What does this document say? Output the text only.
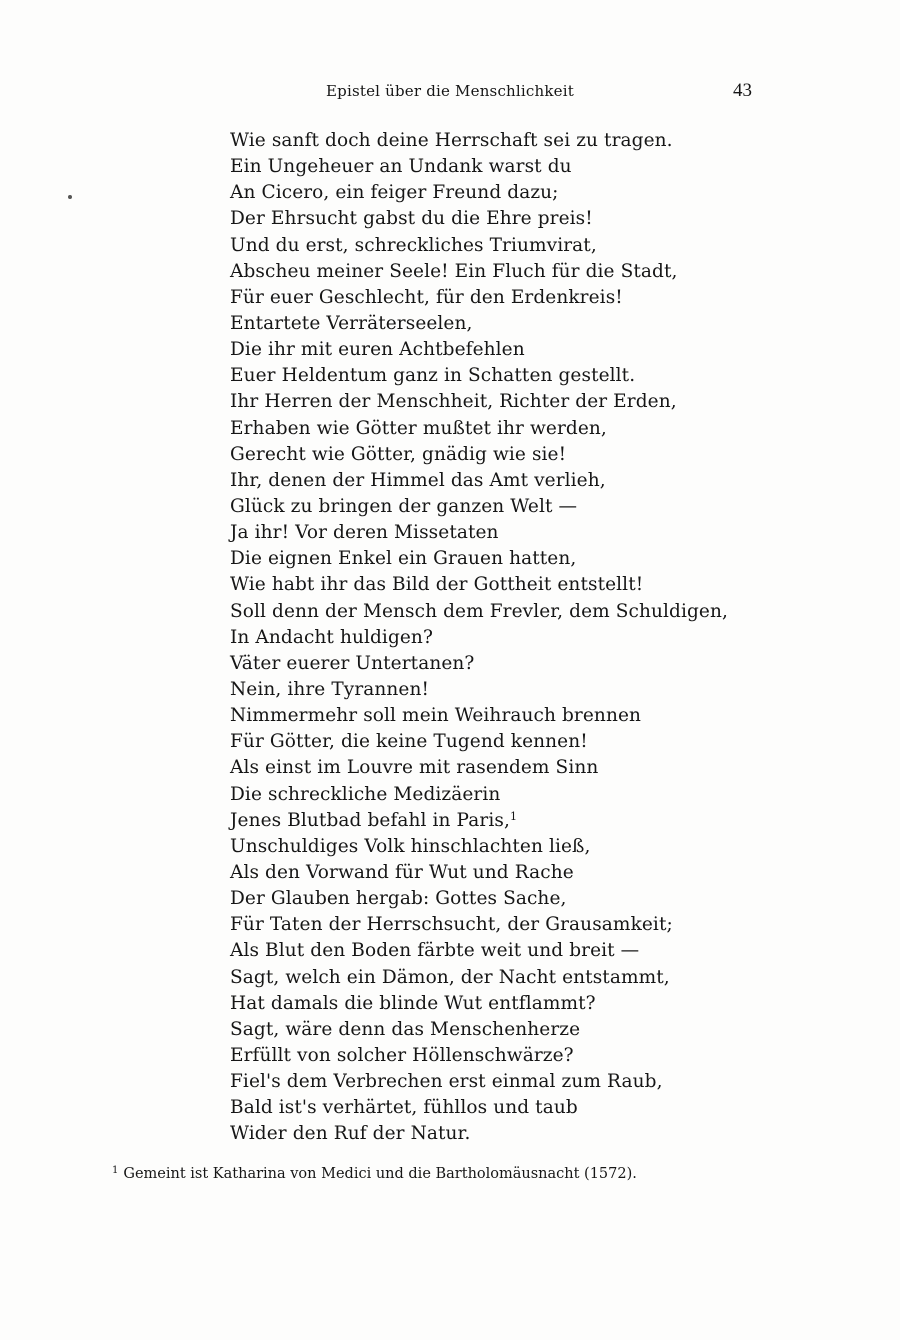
Epistel über die Menschlichkeit	43
Wie sanft doch deine Herrschaft sei zu tragen.
Ein Ungeheuer an Undank warst du
An Cicero, ein feiger Freund dazu;
Der Ehrsucht gabst du die Ehre preis!
Und du erst, schreckliches Triumvirat,
Abscheu meiner Seele! Ein Fluch für die Stadt,
Für euer Geschlecht, für den Erdenkreis!
Entartete Verräterseelen,
Die ihr mit euren Achtbefehlen
Euer Heldentum ganz in Schatten gestellt.
Ihr Herren der Menschheit, Richter der Erden,
Erhaben wie Götter mußtet ihr werden,
Gerecht wie Götter, gnädig wie sie!
Ihr, denen der Himmel das Amt verlieh,
Glück zu bringen der ganzen Welt —
Ja ihr! Vor deren Missetaten
Die eignen Enkel ein Grauen hatten,
Wie habt ihr das Bild der Gottheit entstellt!
Soll denn der Mensch dem Frevler, dem Schuldigen,
In Andacht huldigen?
Väter euerer Untertanen?
Nein, ihre Tyrannen!
Nimmermehr soll mein Weihrauch brennen
Für Götter, die keine Tugend kennen!
Als einst im Louvre mit rasendem Sinn
Die schreckliche Medizäerin
Jenes Blutbad befahl in Paris,$^1$
Unschuldiges Volk hinschlachten ließ,
Als den Vorwand für Wut und Rache
Der Glauben hergab: Gottes Sache,
Für Taten der Herrschsucht, der Grausamkeit;
Als Blut den Boden färbte weit und breit —
Sagt, welch ein Dämon, der Nacht entstammt,
Hat damals die blinde Wut entflammt?
Sagt, wäre denn das Menschenherze
Erfüllt von solcher Höllenschwärze?
Fiel's dem Verbrechen erst einmal zum Raub,
Bald ist's verhärtet, fühllos und taub
Wider den Ruf der Natur.
$^1$ Gemeint ist Katharina von Medici und die Bartholomäusnacht (1572).
